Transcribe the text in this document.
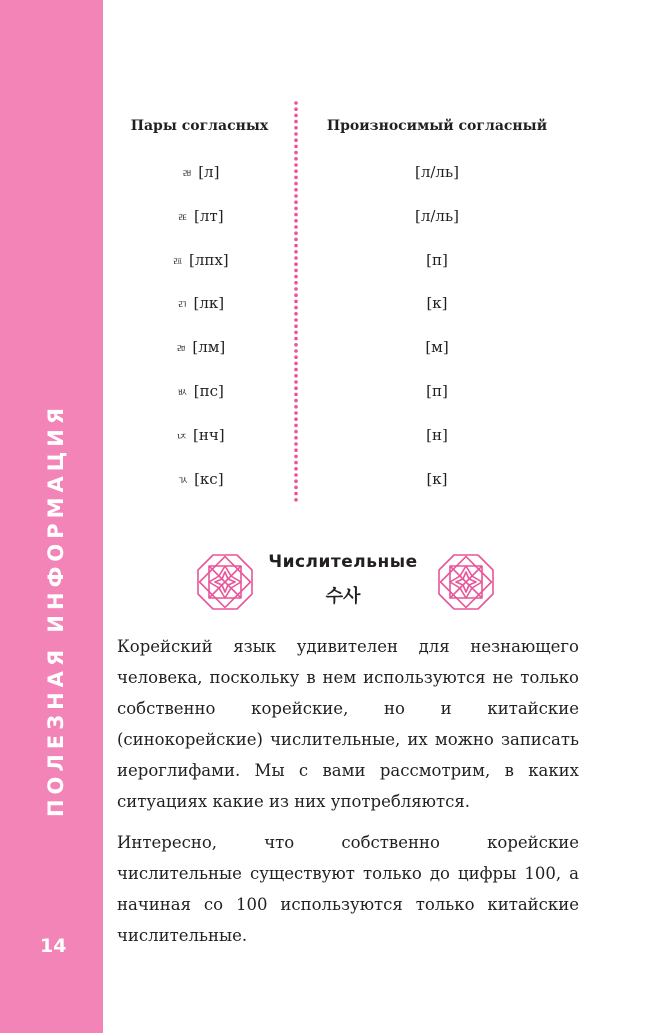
ПОЛЕЗНАЯ ИНФОРМАЦИЯ
14
Пары согласных	Произносимый согласный
ㄼ [л]	[л/ль]
ㄾ [лт]	[л/ль]
ㄿ [лпх]	[п]
ㄺ [лк]	[к]
ㄻ [лм]	[м]
ㅄ [пс]	[п]
ㄵ [нч]	[н]
ㄳ [кс]	[к]
Числительные
수사

Корейский язык удивителен для незнающего человека, поскольку в нем используются не только собственно корейские, но и китайские (синокорейские) числительные, их можно записать иероглифами. Мы с вами рассмотрим, в каких ситуациях какие из них употребляются.

Интересно, что собственно корейские числительные существуют только до цифры 100, а начиная со 100 используются только китайские числительные.
